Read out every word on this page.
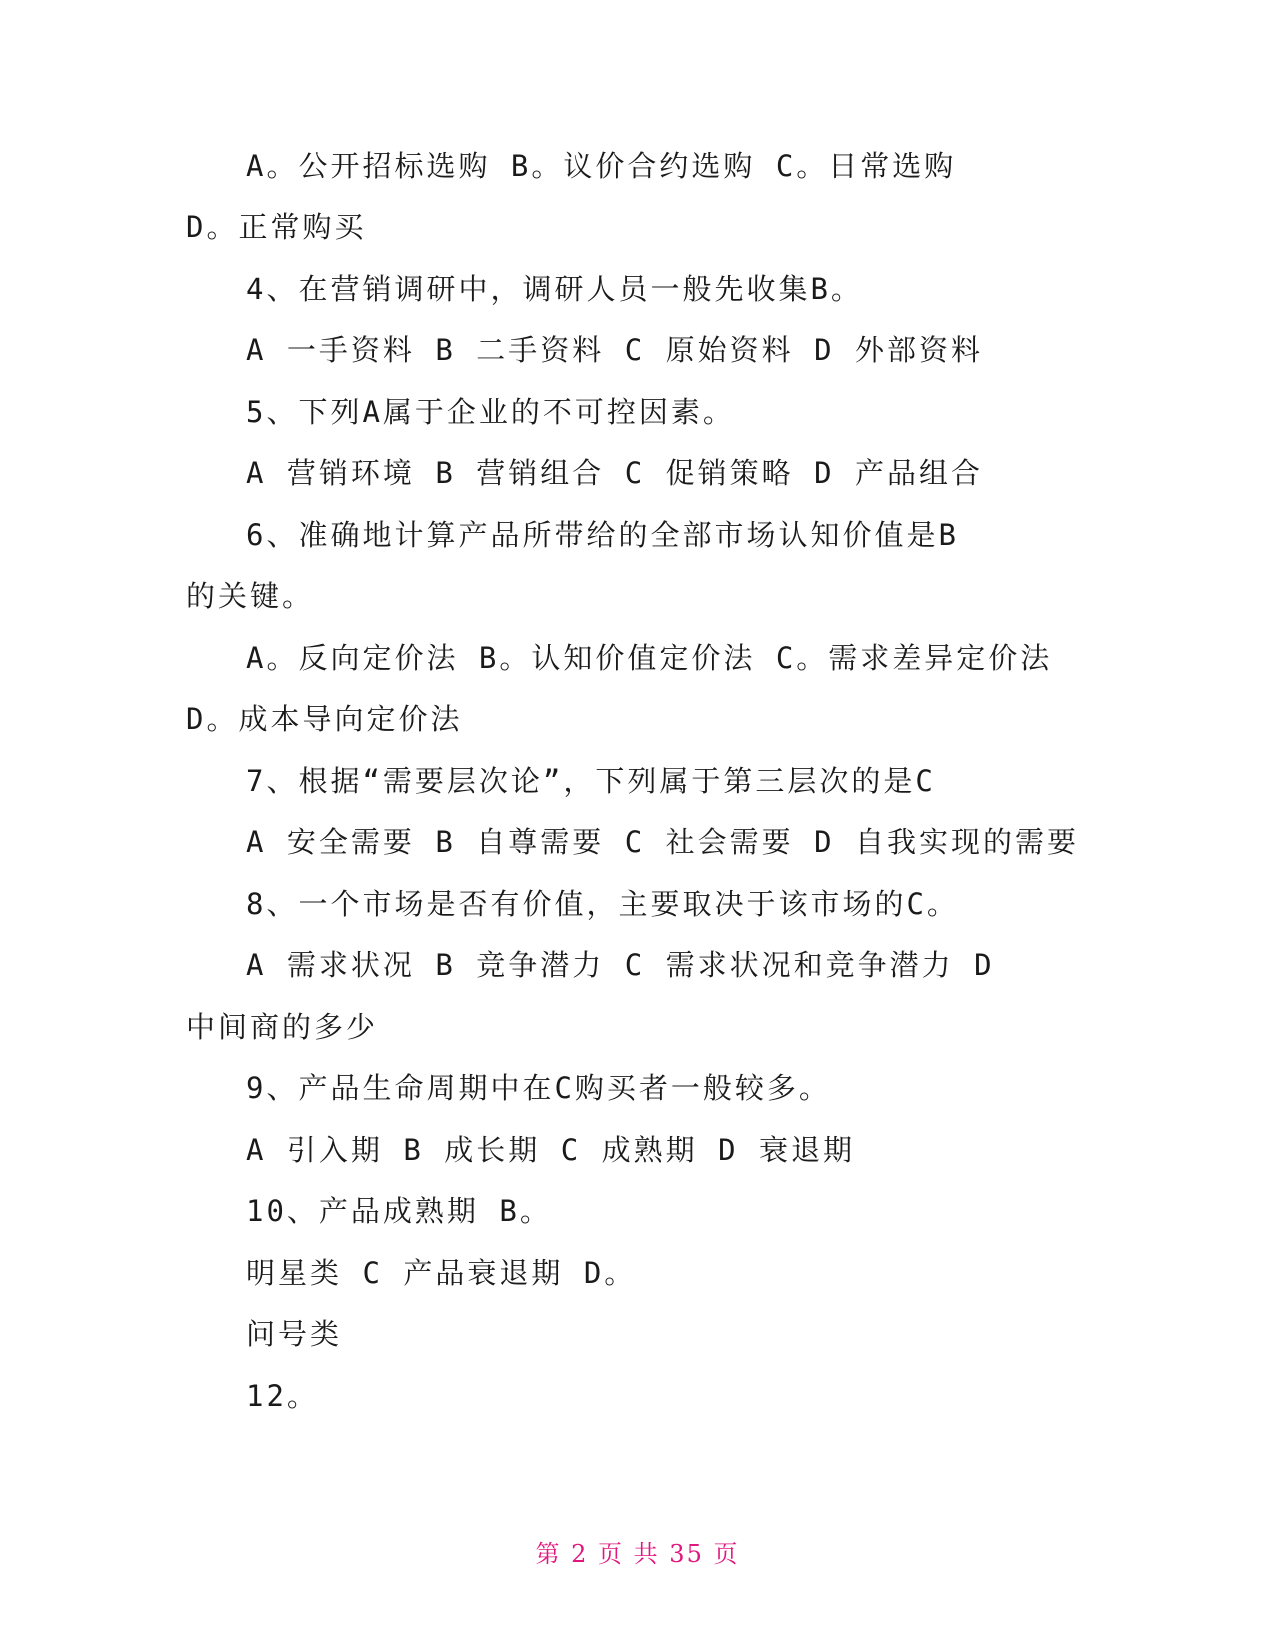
A。公开招标选购 B。议价合约选购 C。日常选购
D。正常购买
4、在营销调研中，调研人员一般先收集B。
A 一手资料 B 二手资料 C 原始资料 D 外部资料
5、下列A属于企业的不可控因素。
A 营销环境 B 营销组合 C 促销策略 D 产品组合
6、准确地计算产品所带给的全部市场认知价值是B
的关键。
A。反向定价法 B。认知价值定价法 C。需求差异定价法
D。成本导向定价法
7、根据“需要层次论”，下列属于第三层次的是C
A 安全需要 B 自尊需要 C 社会需要 D 自我实现的需要
8、一个市场是否有价值，主要取决于该市场的C。
A 需求状况 B 竞争潜力 C 需求状况和竞争潜力 D
中间商的多少
9、产品生命周期中在C购买者一般较多。
A 引入期 B 成长期 C 成熟期 D 衰退期
10、产品成熟期 B。
明星类 C 产品衰退期 D。
问号类
12。
第 2 页 共 35 页
